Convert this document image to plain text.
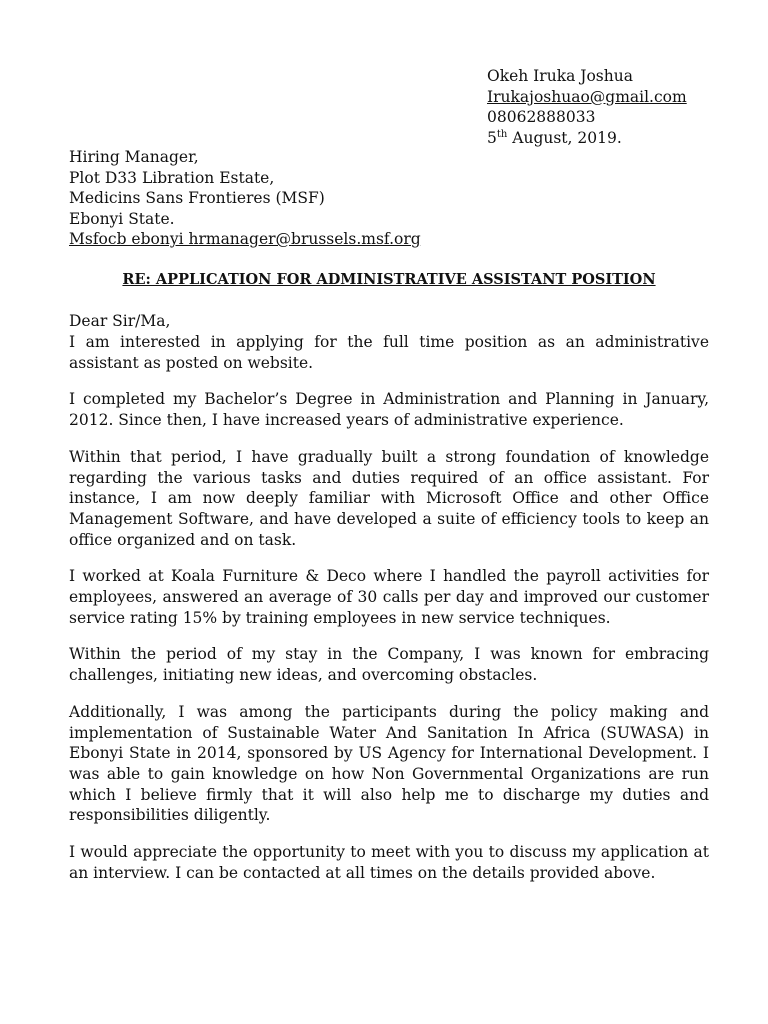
Okeh Iruka Joshua
Irukajoshuao@gmail.com
08062888033
5th August, 2019.
Hiring Manager,
Plot D33 Libration Estate,
Medicins Sans Frontieres (MSF)
Ebonyi State.
Msfocb ebonyi hrmanager@brussels.msf.org
RE: APPLICATION FOR ADMINISTRATIVE ASSISTANT POSITION
Dear Sir/Ma,

I am interested in applying for the full time position as an administrative assistant as posted on website.

I completed my Bachelor’s Degree in Administration and Planning in January, 2012. Since then, I have increased years of administrative experience.

Within that period, I have gradually built a strong foundation of knowledge regarding the various tasks and duties required of an office assistant. For instance, I am now deeply familiar with Microsoft Office and other Office Management Software, and have developed a suite of efficiency tools to keep an office organized and on task.

I worked at Koala Furniture & Deco where I handled the payroll activities for employees, answered an average of 30 calls per day and improved our customer service rating 15% by training employees in new service techniques.

Within the period of my stay in the Company, I was known for embracing challenges, initiating new ideas, and overcoming obstacles.

Additionally, I was among the participants during the policy making and implementation of Sustainable Water And Sanitation In Africa (SUWASA) in Ebonyi State in 2014, sponsored by US Agency for International Development. I was able to gain knowledge on how Non Governmental Organizations are run which I believe firmly that it will also help me to discharge my duties and responsibilities diligently.

I would appreciate the opportunity to meet with you to discuss my application at an interview. I can be contacted at all times on the details provided above.
